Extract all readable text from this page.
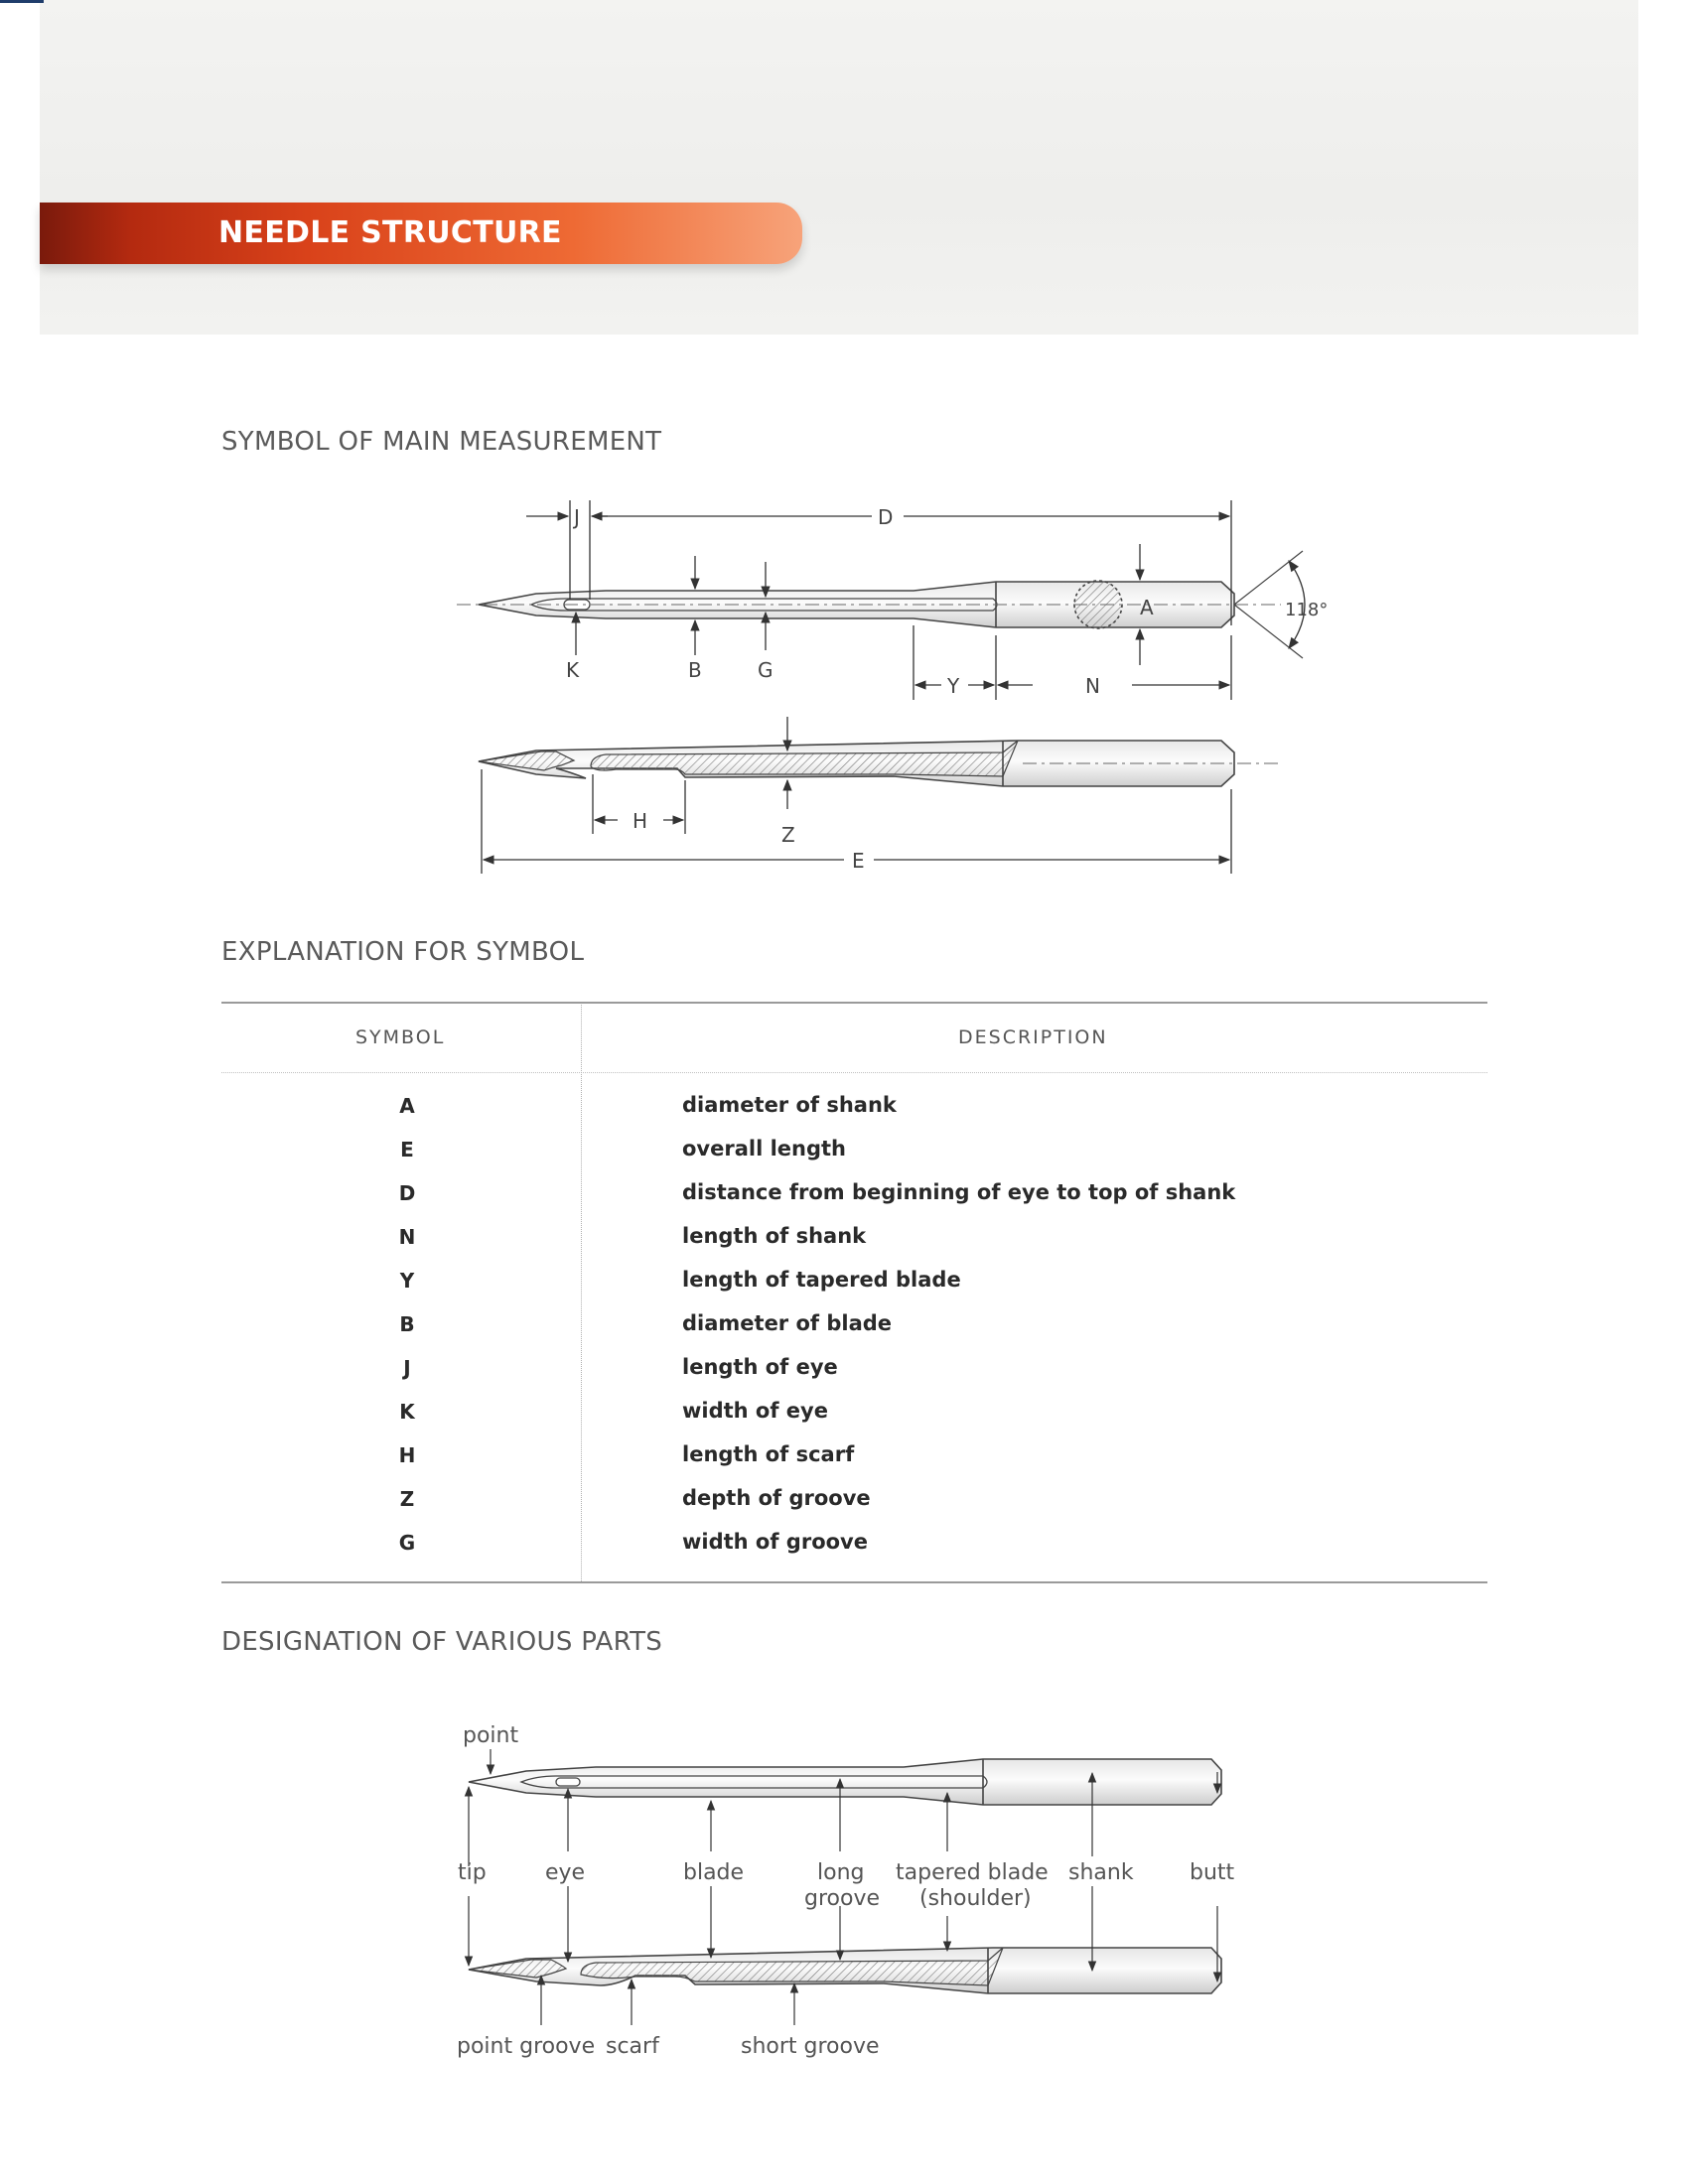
NEEDLE STRUCTURE
SYMBOL OF MAIN MEASUREMENT
J	D
A	118°
K	B	G
Y	N
H
Z
E
EXPLANATION FOR SYMBOL
SYMBOL	DESCRIPTION
A	diameter of shank
E	overall length
D	distance from beginning of eye to top of shank
N	length of shank
Y	length of tapered blade
B	diameter of blade
J	length of eye
K	width of eye
H	length of scarf
Z	depth of groove
G	width of groove
DESIGNATION OF VARIOUS PARTS
point
tip	eye	blade	long
groove
tapered blade
(shoulder)
shank	butt
point groove scarf	short groove
